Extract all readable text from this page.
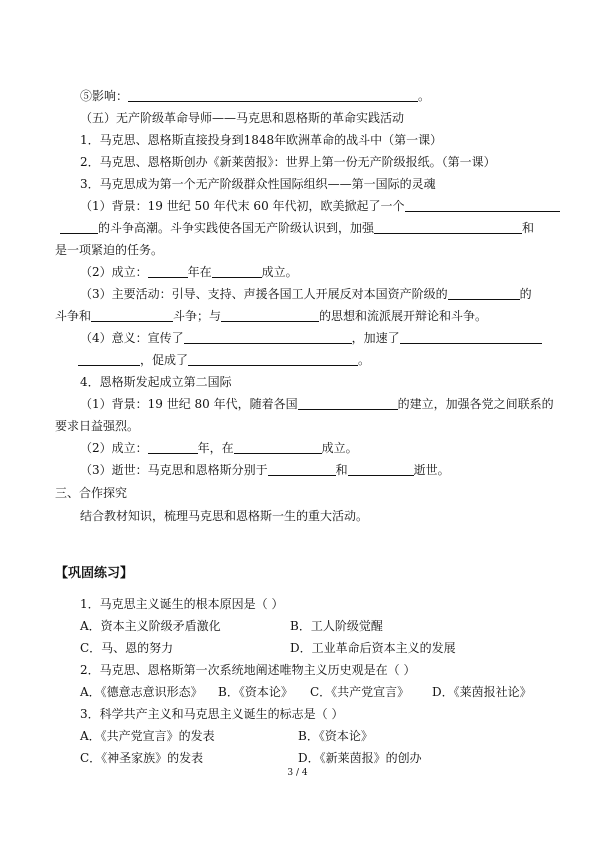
⑤影响：	。
（五）无产阶级革命导师——马克思和恩格斯的革命实践活动
1．马克思、恩格斯直接投身到1848年欧洲革命的战斗中（第一课）
2．马克思、恩格斯创办《新莱茵报》：世界上第一份无产阶级报纸。（第一课）
3．马克思成为第一个无产阶级群众性国际组织——第一国际的灵魂
（1）背景：19 世纪 50 年代末 60 年代初，欧美掀起了一个
的斗争高潮。斗争实践使各国无产阶级认识到，加强	和
是一项紧迫的任务。
（2）成立：	年在	成立。
（3）主要活动：引导、支持、声援各国工人开展反对本国资产阶级的	的
斗争和	斗争；与	的思想和流派展开辩论和斗争。
（4）意义：宣传了	，加速了
，促成了	。
4．恩格斯发起成立第二国际
（1）背景：19 世纪 80 年代，随着各国	的建立，加强各党之间联系的
要求日益强烈。
（2）成立：	年，在	成立。
（3）逝世：马克思和恩格斯分别于	和	逝世。
三、合作探究
结合教材知识，梳理马克思和恩格斯一生的重大活动。
【巩固练习】
1．马克思主义诞生的根本原因是（ ）
A．资本主义阶级矛盾激化	B．工人阶级觉醒
C．马、恩的努力	D．工业革命后资本主义的发展
2．马克思、恩格斯第一次系统地阐述唯物主义历史观是在（ ）
A．《德意志意识形态》 B．《资本论》 C．《共产党宣言》 D．《莱茵报社论》
3．科学共产主义和马克思主义诞生的标志是（ ）
A．《共产党宣言》的发表	B．《资本论》
C．《神圣家族》的发表	D．《新莱茵报》的创办
3 / 4
